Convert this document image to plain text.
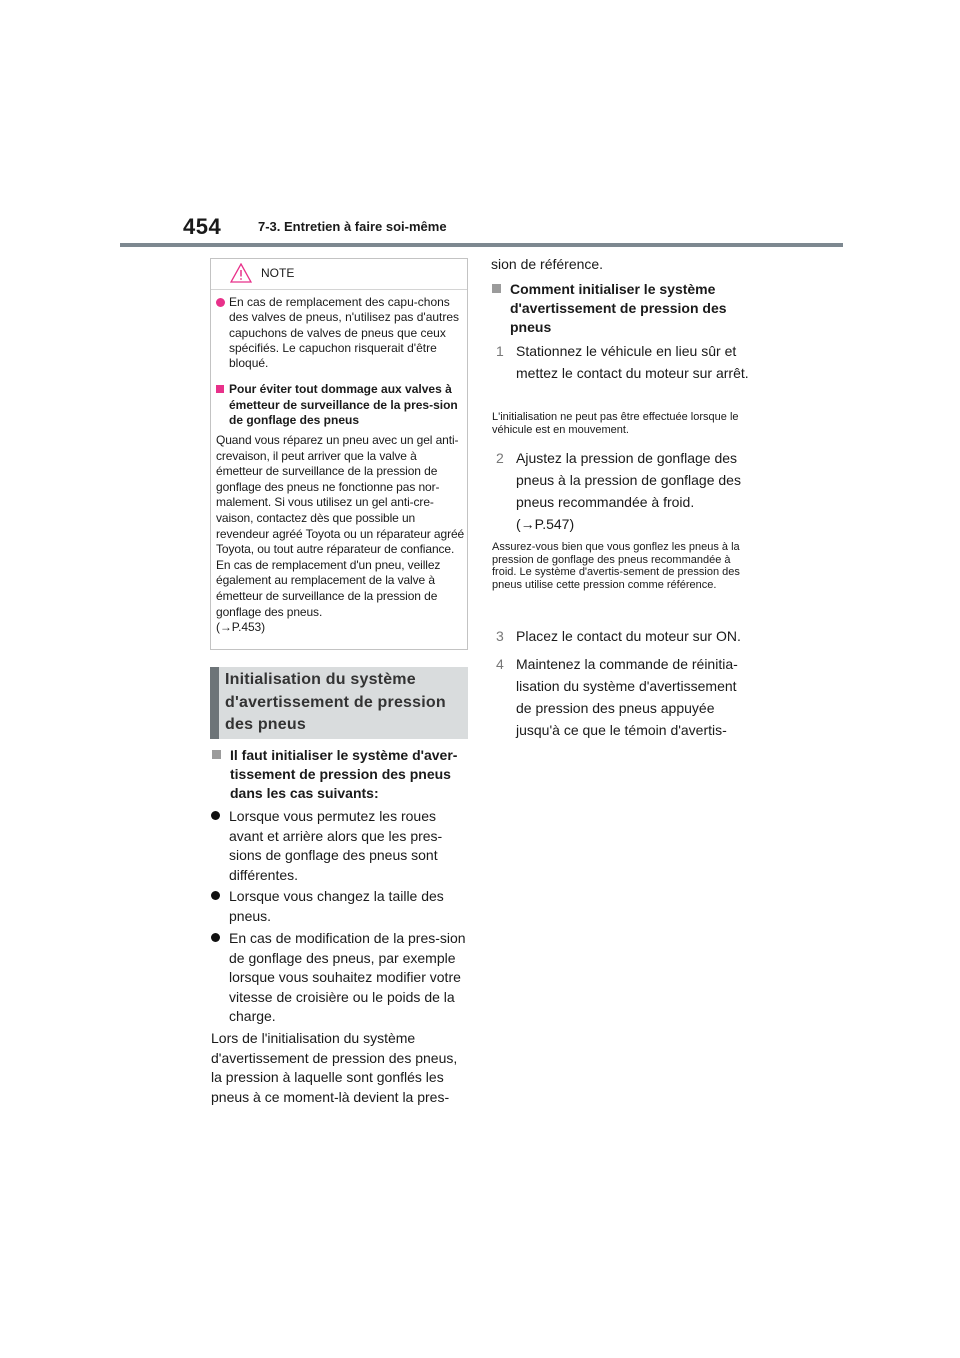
454	7-3. Entretien à faire soi-même
NOTE
En cas de remplacement des capu-chons des valves de pneus, n'utilisez pas d'autres capuchons de valves de pneus que ceux spécifiés. Le capuchon risquerait d'être bloqué.
Pour éviter tout dommage aux valves à émetteur de surveillance de la pres-sion de gonflage des pneus
Quand vous réparez un pneu avec un gel anti-crevaison, il peut arriver que la valve à émetteur de surveillance de la pression de gonflage des pneus ne fonctionne pas nor-malement. Si vous utilisez un gel anti-cre-vaison, contactez dès que possible un revendeur agréé Toyota ou un réparateur agréé Toyota, ou tout autre réparateur de confiance. En cas de remplacement d'un pneu, veillez également au remplacement de la valve à émetteur de surveillance de la pression de gonflage des pneus.
(→P.453)
Initialisation du système d'avertissement de pression des pneus
Il faut initialiser le système d'aver-tissement de pression des pneus dans les cas suivants:
Lorsque vous permutez les roues avant et arrière alors que les pres-sions de gonflage des pneus sont différentes.
Lorsque vous changez la taille des pneus.
En cas de modification de la pres-sion de gonflage des pneus, par exemple lorsque vous souhaitez modifier votre vitesse de croisière ou le poids de la charge.
Lors de l'initialisation du système d'avertissement de pression des pneus, la pression à laquelle sont gonflés les pneus à ce moment-là devient la pres-
sion de référence.
Comment initialiser le système d'avertissement de pression des pneus
1 Stationnez le véhicule en lieu sûr et mettez le contact du moteur sur arrêt.
L'initialisation ne peut pas être effectuée lorsque le véhicule est en mouvement.
2 Ajustez la pression de gonflage des pneus à la pression de gonflage des pneus recommandée à froid.
(→P.547)
Assurez-vous bien que vous gonflez les pneus à la pression de gonflage des pneus recommandée à froid. Le système d'avertis-sement de pression des pneus utilise cette pression comme référence.
3 Placez le contact du moteur sur ON.
4 Maintenez la commande de réinitia-lisation du système d'avertissement de pression des pneus appuyée jusqu'à ce que le témoin d'avertis-
